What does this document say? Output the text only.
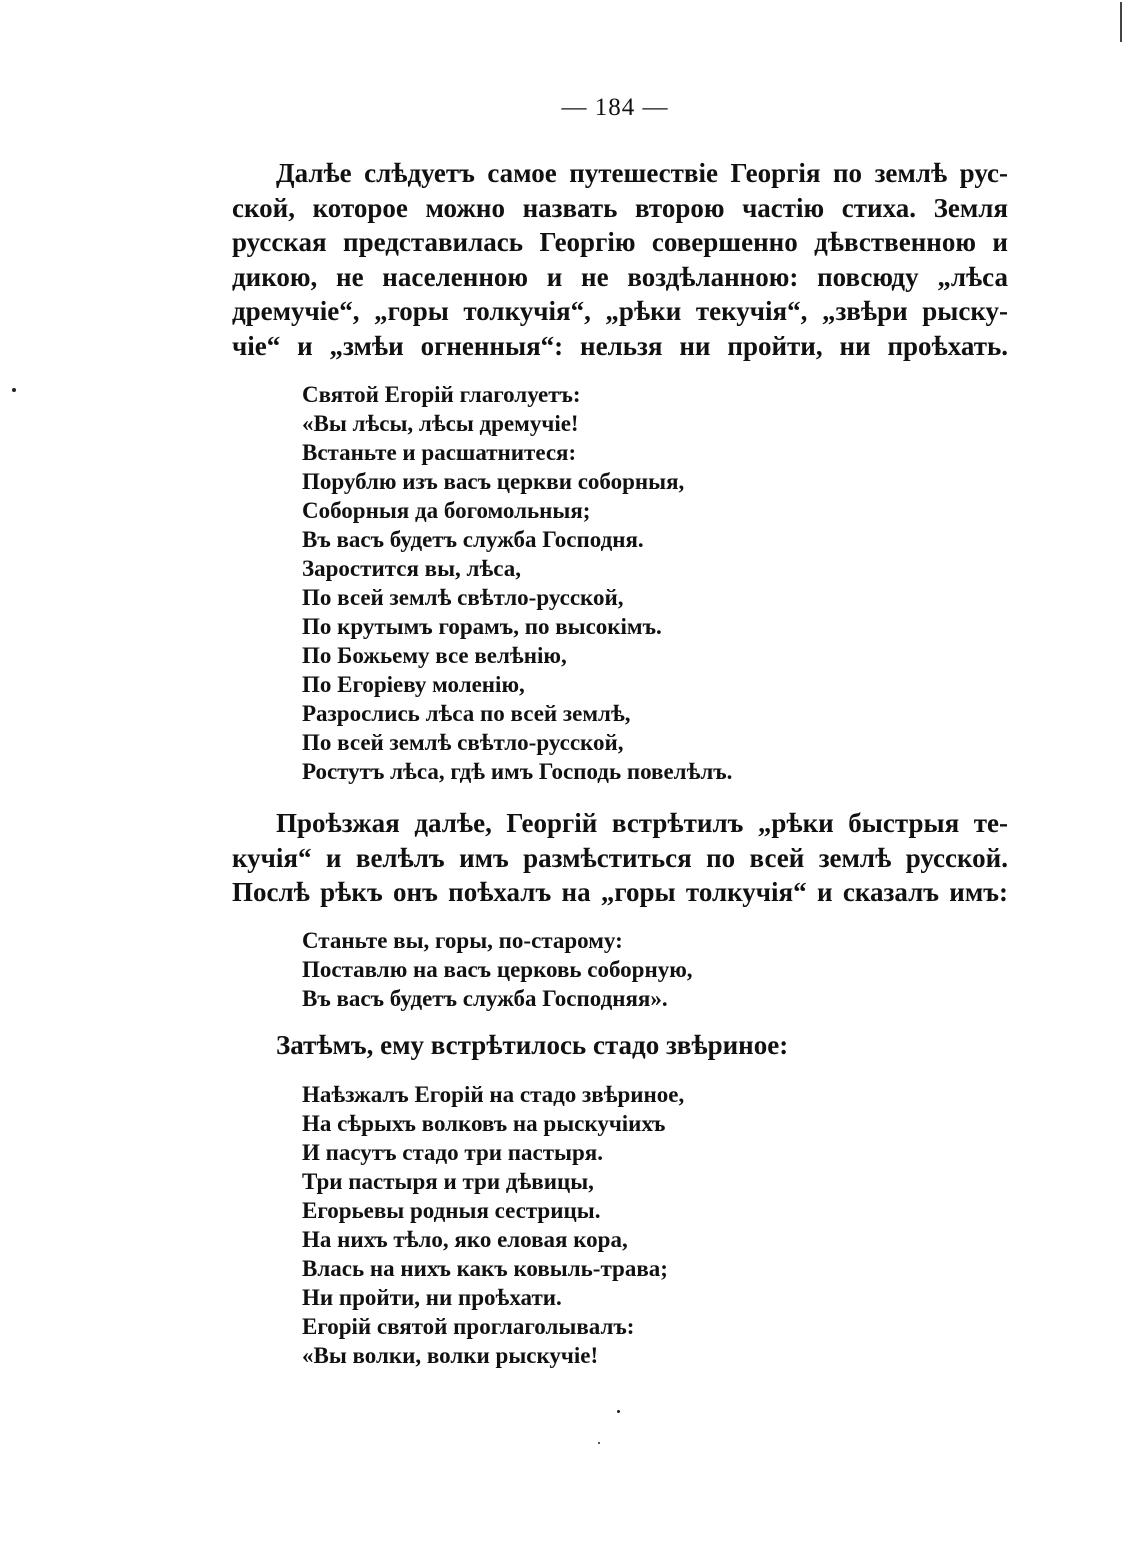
— 184 —
Далѣе слѣдуетъ самое путешествіе Георгія по землѣ рус-
ской, которое можно назвать второю частію стиха. Земля
русская представилась Георгію совершенно дѣвственною и
дикою, не населенною и не воздѣланною: повсюду „лѣса
дремучіе“, „горы толкучія“, „рѣки текучія“, „звѣри рыску-
чіе“ и „змѣи огненныя“: нельзя ни пройти, ни проѣхать.
Святой Егорій глаголуетъ:
«Вы лѣсы, лѣсы дремучіе!
Встаньте и расшатнитеся:
Порублю изъ васъ церкви соборныя,
Соборныя да богомольныя;
Въ васъ будетъ служба Господня.
Заростится вы, лѣса,
По всей землѣ свѣтло-русской,
По крутымъ горамъ, по высокімъ.
По Божьему все велѣнію,
По Егоріеву моленію,
Разрослись лѣса по всей землѣ,
По всей землѣ свѣтло-русской,
Ростутъ лѣса, гдѣ имъ Господь повелѣлъ.
Проѣзжая далѣе, Георгій встрѣтилъ „рѣки быстрыя те-
кучія“ и велѣлъ имъ размѣститься по всей землѣ русской.
Послѣ рѣкъ онъ поѣхалъ на „горы толкучія“ и сказалъ имъ:
Станьте вы, горы, по-старому:
Поставлю на васъ церковь соборную,
Въ васъ будетъ служба Господняя».
Затѣмъ, ему встрѣтилось стадо звѣриное:
Наѣзжалъ Егорій на стадо звѣриное,
На сѣрыхъ волковъ на рыскучіихъ
И пасутъ стадо три пастыря.
Три пастыря и три дѣвицы,
Егорьевы родныя сестрицы.
На нихъ тѣло, яко еловая кора,
Влась на нихъ какъ ковыль-трава;
Ни пройти, ни проѣхати.
Егорій святой проглаголывалъ:
«Вы волки, волки рыскучіе!
